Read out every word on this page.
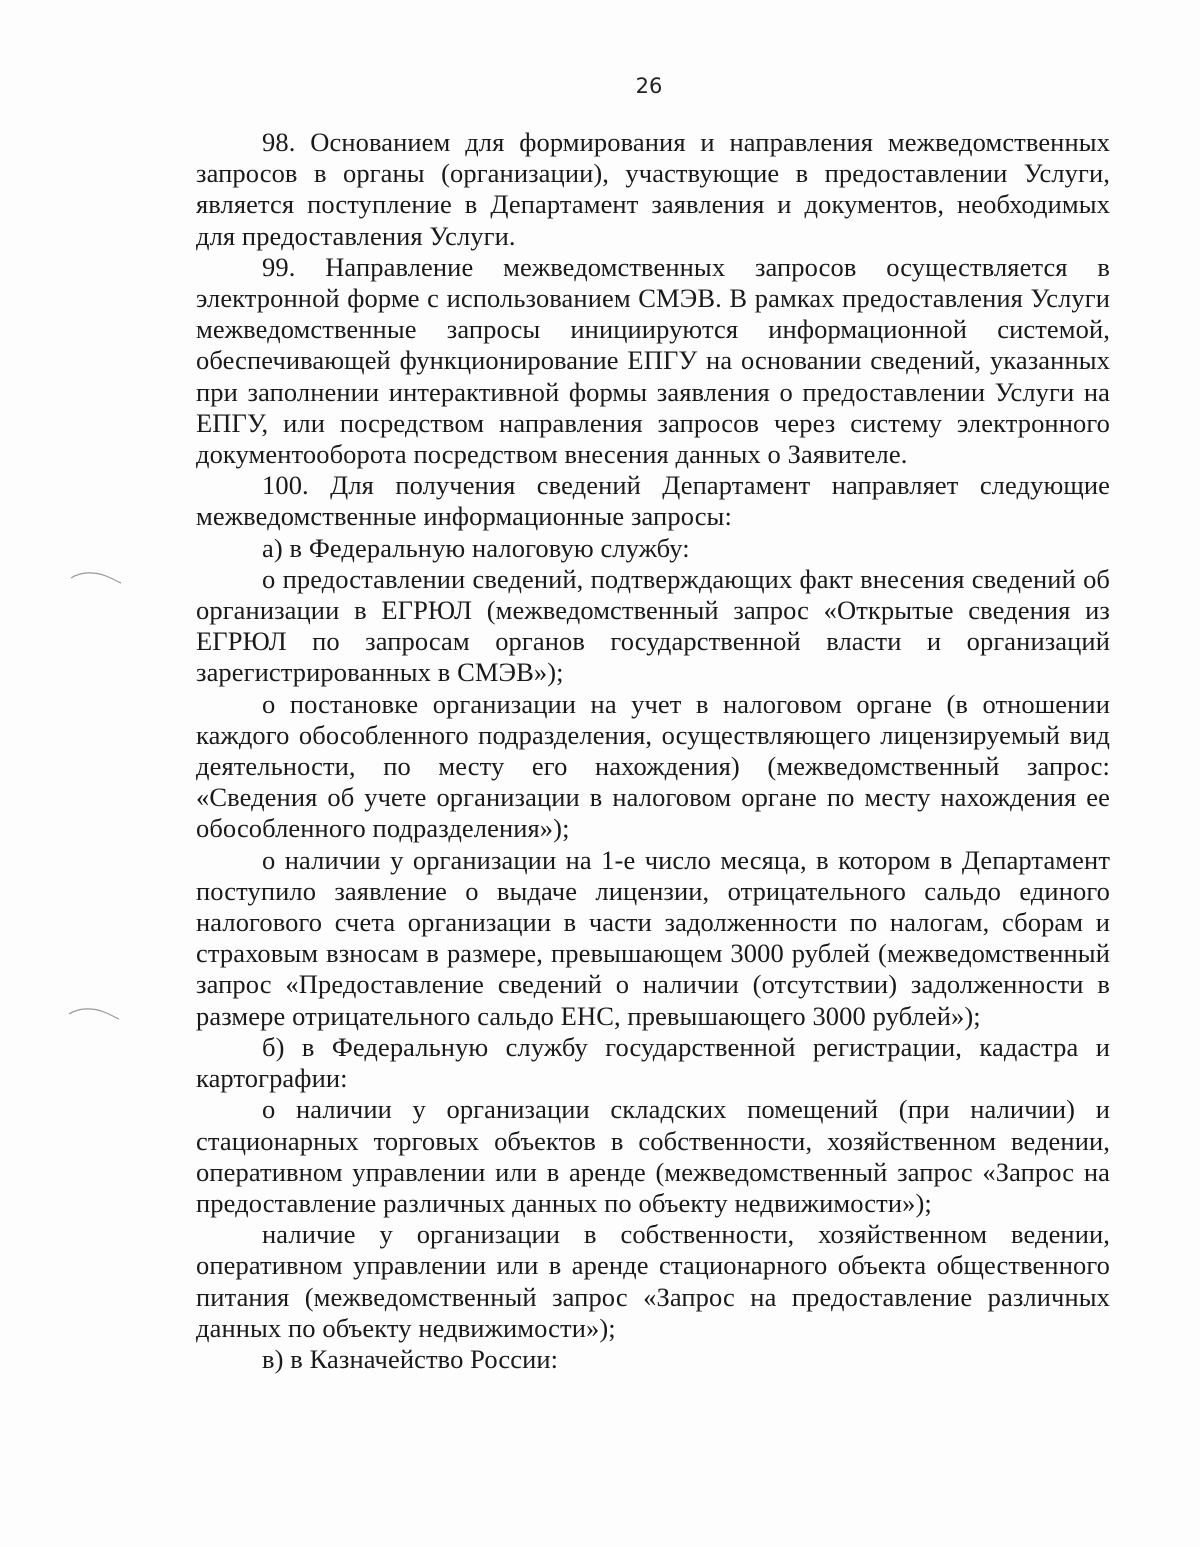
26

98. Основанием для формирования и направления межведомственных запросов в органы (организации), участвующие в предоставлении Услуги, является поступление в Департамент заявления и документов, необходимых для предоставления Услуги.

99. Направление межведомственных запросов осуществляется в электронной форме с использованием СМЭВ. В рамках предоставления Услуги межведомственные запросы инициируются информационной системой, обеспечивающей функционирование ЕПГУ на основании сведений, указанных при заполнении интерактивной формы заявления о предоставлении Услуги на ЕПГУ, или посредством направления запросов через систему электронного документооборота посредством внесения данных о Заявителе.

100. Для получения сведений Департамент направляет следующие межведомственные информационные запросы:

а) в Федеральную налоговую службу:

о предоставлении сведений, подтверждающих факт внесения сведений об организации в ЕГРЮЛ (межведомственный запрос «Открытые сведения из ЕГРЮЛ по запросам органов государственной власти и организаций зарегистрированных в СМЭВ»);

о постановке организации на учет в налоговом органе (в отношении каждого обособленного подразделения, осуществляющего лицензируемый вид деятельности, по месту его нахождения) (межведомственный запрос: «Сведения об учете организации в налоговом органе по месту нахождения ее обособленного подразделения»);

о наличии у организации на 1-е число месяца, в котором в Департамент поступило заявление о выдаче лицензии, отрицательного сальдо единого налогового счета организации в части задолженности по налогам, сборам и страховым взносам в размере, превышающем 3000 рублей (межведомственный запрос «Предоставление сведений о наличии (отсутствии) задолженности в размере отрицательного сальдо ЕНС, превышающего 3000 рублей»);

б) в Федеральную службу государственной регистрации, кадастра и картографии:

о наличии у организации складских помещений (при наличии) и стационарных торговых объектов в собственности, хозяйственном ведении, оперативном управлении или в аренде (межведомственный запрос «Запрос на предоставление различных данных по объекту недвижимости»);

наличие у организации в собственности, хозяйственном ведении, оперативном управлении или в аренде стационарного объекта общественного питания (межведомственный запрос «Запрос на предоставление различных данных по объекту недвижимости»);

в) в Казначейство России:
